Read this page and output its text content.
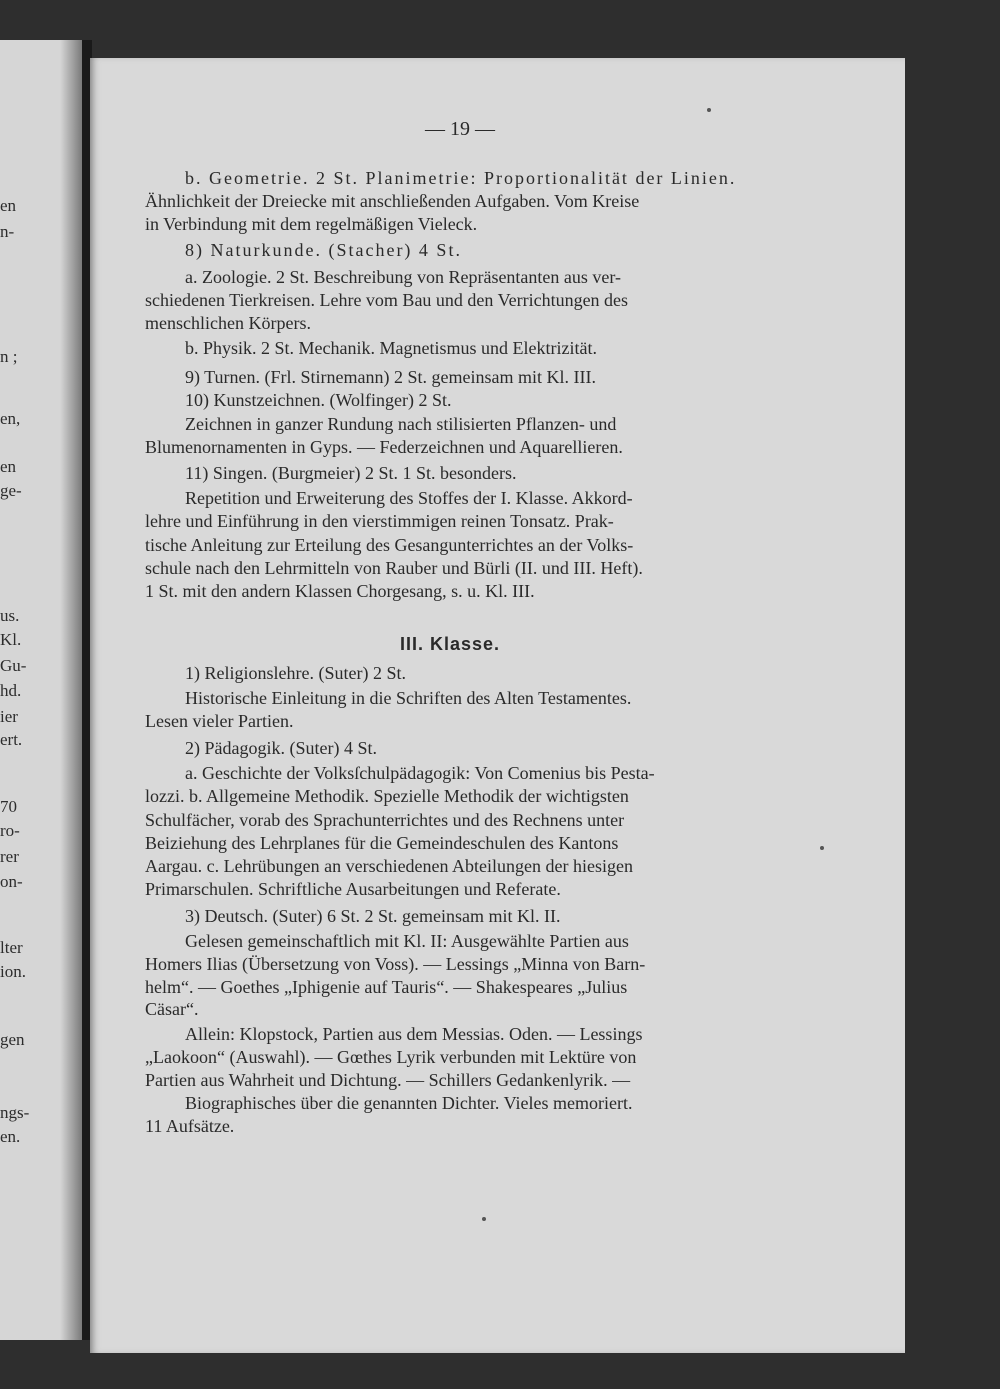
en
n-
n ;
en,
en
ge-
us.
Kl.
Gu-
hd.
ier
ert.
70
ro-
rer
on-
lter
ion.
gen
ngs-
en.
— 19 —
b. Geometrie. 2 St. Planimetrie: Proportionalität der Linien.
Ähnlichkeit der Dreiecke mit anschließenden Aufgaben. Vom Kreise
in Verbindung mit dem regelmäßigen Vieleck.
8) Naturkunde. (Stacher) 4 St.
a. Zoologie. 2 St. Beschreibung von Repräsentanten aus ver-
schiedenen Tierkreisen. Lehre vom Bau und den Verrichtungen des
menschlichen Körpers.
b. Physik. 2 St. Mechanik. Magnetismus und Elektrizität.
9) Turnen. (Frl. Stirnemann) 2 St. gemeinsam mit Kl. III.
10) Kunstzeichnen. (Wolfinger) 2 St.
Zeichnen in ganzer Rundung nach stilisierten Pflanzen- und
Blumenornamenten in Gyps. — Federzeichnen und Aquarellieren.
11) Singen. (Burgmeier) 2 St. 1 St. besonders.
Repetition und Erweiterung des Stoffes der I. Klasse. Akkord-
lehre und Einführung in den vierstimmigen reinen Tonsatz. Prak-
tische Anleitung zur Erteilung des Gesangunterrichtes an der Volks-
schule nach den Lehrmitteln von Rauber und Bürli (II. und III. Heft).
1 St. mit den andern Klassen Chorgesang, s. u. Kl. III.
III. Klasse.
1) Religionslehre. (Suter) 2 St.
Historische Einleitung in die Schriften des Alten Testamentes.
Lesen vieler Partien.
2) Pädagogik. (Suter) 4 St.
a. Geschichte der Volksſchulpädagogik: Von Comenius bis Pesta-
lozzi. b. Allgemeine Methodik. Spezielle Methodik der wichtigsten
Schulfächer, vorab des Sprachunterrichtes und des Rechnens unter
Beiziehung des Lehrplanes für die Gemeindeschulen des Kantons
Aargau. c. Lehrübungen an verschiedenen Abteilungen der hiesigen
Primarschulen. Schriftliche Ausarbeitungen und Referate.
3) Deutsch. (Suter) 6 St. 2 St. gemeinsam mit Kl. II.
Gelesen gemeinschaftlich mit Kl. II: Ausgewählte Partien aus
Homers Ilias (Übersetzung von Voss). — Lessings „Minna von Barn-
helm“. — Goethes „Iphigenie auf Tauris“. — Shakespeares „Julius
Cäsar“.
Allein: Klopstock, Partien aus dem Messias. Oden. — Lessings
„Laokoon“ (Auswahl). — Gœthes Lyrik verbunden mit Lektüre von
Partien aus Wahrheit und Dichtung. — Schillers Gedankenlyrik. —
Biographisches über die genannten Dichter. Vieles memoriert.
11 Aufsätze.
